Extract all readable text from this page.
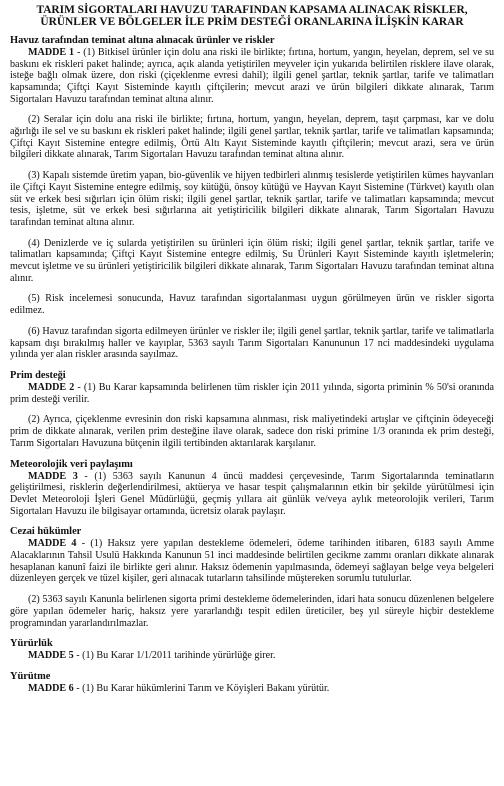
TARIM SİGORTALARI HAVUZU TARAFINDAN KAPSAMA ALINACAK RİSKLER, ÜRÜNLER VE BÖLGELER İLE PRİM DESTEĞİ ORANLARINA İLİŞKİN KARAR

Havuz tarafından teminat altına alınacak ürünler ve riskler

MADDE 1 - (1) Bitkisel ürünler için dolu ana riski ile birlikte; fırtına, hortum, yangın, heyelan, deprem, sel ve su baskını ek riskleri paket halinde; ayrıca, açık alanda yetiştirilen meyveler için yukarıda belirtilen risklere ilave olarak, isteğe bağlı olmak üzere, don riski (çiçeklenme evresi dahil); ilgili genel şartlar, teknik şartlar, tarife ve talimatları kapsamında; Çiftçi Kayıt Sisteminde kayıtlı çiftçilerin; mevcut arazi ve ürün bilgileri dikkate alınarak, Tarım Sigortaları Havuzu tarafından teminat altına alınır.

(2) Seralar için dolu ana riski ile birlikte; fırtına, hortum, yangın, heyelan, deprem, taşıt çarpması, kar ve dolu ağırlığı ile sel ve su baskını ek riskleri paket halinde; ilgili genel şartlar, teknik şartlar, tarife ve talimatları kapsamında; Çiftçi Kayıt Sistemine entegre edilmiş, Örtü Altı Kayıt Sisteminde kayıtlı çiftçilerin; mevcut arazi, sera ve ürün bilgileri dikkate alınarak, Tarım Sigortaları Havuzu tarafından teminat altına alınır.

(3) Kapalı sistemde üretim yapan, bio-güvenlik ve hijyen tedbirleri alınmış tesislerde yetiştirilen kümes hayvanları ile Çiftçi Kayıt Sistemine entegre edilmiş, soy kütüğü, önsoy kütüğü ve Hayvan Kayıt Sistemine (Türkvet) kayıtlı olan süt ve erkek besi sığırları için ölüm riski; ilgili genel şartlar, teknik şartlar, tarife ve talimatları kapsamında; mevcut tesis, işletme, süt ve erkek besi sığırlarına ait yetiştiricilik bilgileri dikkate alınarak, Tarım Sigortaları Havuzu tarafından teminat altına alınır.

(4) Denizlerde ve iç sularda yetiştirilen su ürünleri için ölüm riski; ilgili genel şartlar, teknik şartlar, tarife ve talimatları kapsamında; Çiftçi Kayıt Sistemine entegre edilmiş, Su Ürünleri Kayıt Sisteminde kayıtlı işletmelerin; mevcut işletme ve su ürünleri yetiştiricilik bilgileri dikkate alınarak, Tarım Sigortaları Havuzu tarafından teminat altına alınır.

(5) Risk incelemesi sonucunda, Havuz tarafından sigortalanması uygun görülmeyen ürün ve riskler sigorta edilmez.

(6) Havuz tarafından sigorta edilmeyen ürünler ve riskler ile; ilgili genel şartlar, teknik şartlar, tarife ve talimatlarla kapsam dışı bırakılmış haller ve kayıplar, 5363 sayılı Tarım Sigortaları Kanununun 17 nci maddesindeki uygulama yılında yer alan riskler arasında sayılmaz.

Prim desteği

MADDE 2 - (1) Bu Karar kapsamında belirlenen tüm riskler için 2011 yılında, sigorta priminin % 50'si oranında prim desteği verilir.

(2) Ayrıca, çiçeklenme evresinin don riski kapsamına alınması, risk maliyetindeki artışlar ve çiftçinin ödeyeceği prim de dikkate alınarak, verilen prim desteğine ilave olarak, sadece don riski primine 1/3 oranında ek prim desteği, Tarım Sigortaları Havuzuna bütçenin ilgili tertibinden aktarılarak karşılanır.

Meteorolojik veri paylaşımı

MADDE 3 - (1) 5363 sayılı Kanunun 4 üncü maddesi çerçevesinde, Tarım Sigortalarında teminatların geliştirilmesi, risklerin değerlendirilmesi, aktüerya ve hasar tespit çalışmalarının etkin bir şekilde yürütülmesi için Devlet Meteoroloji İşleri Genel Müdürlüğü, geçmiş yıllara ait günlük ve/veya aylık meteorolojik verileri, Tarım Sigortaları Havuzu ile bilgisayar ortamında, ücretsiz olarak paylaşır.

Cezai hükümler

MADDE 4 - (1) Haksız yere yapılan destekleme ödemeleri, ödeme tarihinden itibaren, 6183 sayılı Amme Alacaklarının Tahsil Usulü Hakkında Kanunun 51 inci maddesinde belirtilen gecikme zammı oranları dikkate alınarak hesaplanan kanunî faizi ile birlikte geri alınır. Haksız ödemenin yapılmasında, ödemeyi sağlayan belge veya belgeleri düzenleyen gerçek ve tüzel kişiler, geri alınacak tutarların tahsilinde müştereken sorumlu tutulurlar.

(2) 5363 sayılı Kanunla belirlenen sigorta primi destekleme ödemelerinden, idari hata sonucu düzenlenen belgelere göre yapılan ödemeler hariç, haksız yere yararlandığı tespit edilen üreticiler, beş yıl süreyle hiçbir destekleme programından yararlandırılmazlar.

Yürürlük

MADDE 5 - (1) Bu Karar 1/1/2011 tarihinde yürürlüğe girer.

Yürütme

MADDE 6 - (1) Bu Karar hükümlerini Tarım ve Köyişleri Bakanı yürütür.
